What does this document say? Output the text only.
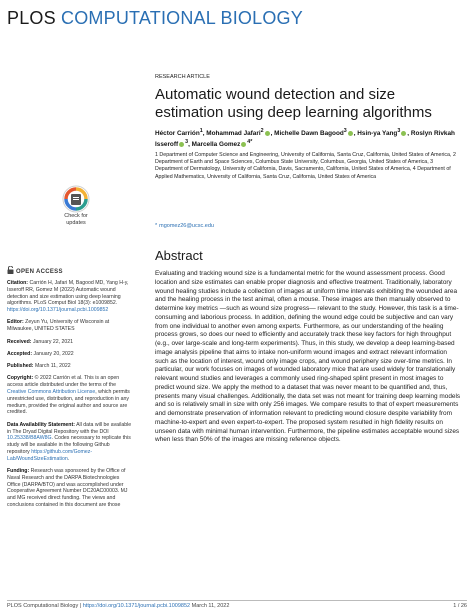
PLOS COMPUTATIONAL BIOLOGY
RESEARCH ARTICLE
Automatic wound detection and size estimation using deep learning algorithms
Héctor Carrión$^1$, Mohammad Jafari$^2$ , Michelle Dawn Bagood$^3$ , Hsin-ya Yang$^3$ , Roslyn Rivkah Isseroff $^3$, Marcella Gomez $^{4*}$
1 Department of Computer Science and Engineering, University of California, Santa Cruz, California, United States of America, 2 Department of Earth and Space Sciences, Columbus State University, Columbus, Georgia, United States of America, 3 Department of Dermatology, University of California, Davis, Sacramento, California, United States of America, 4 Department of Applied Mathematics, University of California, Santa Cruz, California, United States of America
* mgomez26@ucsc.edu
Check for
updates
OPEN ACCESS

Citation: Carrión H, Jafari M, Bagood MD, Yang H-y, Isseroff RR, Gomez M (2022) Automatic wound detection and size estimation using deep learning algorithms. PLoS Comput Biol 18(3): e1009852. https://doi.org/10.1371/journal.pcbi.1009852

Editor: Zeyun Yu, University of Wisconsin at Milwaukee, UNITED STATES

Received: January 22, 2021

Accepted: January 20, 2022

Published: March 11, 2022

Copyright: © 2022 Carrión et al. This is an open access article distributed under the terms of the Creative Commons Attribution License, which permits unrestricted use, distribution, and reproduction in any medium, provided the original author and source are credited.

Data Availability Statement: All data will be available in The Dryad Digital Repository with the DOI 10.25338/B8AW8G. Codes necessary to replicate this study will be available in the following Github repository https://github.com/Gomez-Lab/WoundSizeEstimation.

Funding: Research was sponsored by the Office of Naval Research and the DARPA Biotechnologies Office (DARPA/BTO) and was accomplished under Cooperative Agreement Number DC20AC00003. MJ and MG received direct funding. The views and conclusions contained in this document are those

Abstract
Evaluating and tracking wound size is a fundamental metric for the wound assessment process. Good location and size estimates can enable proper diagnosis and effective treatment. Traditionally, laboratory wound healing studies include a collection of images at uniform time intervals exhibiting the wounded area and the healing process in the test animal, often a mouse. These images are then manually observed to determine key metrics —such as wound size progress— relevant to the study. However, this task is a time-consuming and laborious process. In addition, defining the wound edge could be subjective and can vary from one individual to another even among experts. Furthermore, as our understanding of the healing process grows, so does our need to efficiently and accurately track these key factors for high throughput (e.g., over large-scale and long-term experiments). Thus, in this study, we develop a deep learning-based image analysis pipeline that aims to intake non-uniform wound images and extract relevant information such as the location of interest, wound only image crops, and wound periphery size over-time metrics. In particular, our work focuses on images of wounded laboratory mice that are used widely for translationally relevant wound studies and leverages a commonly used ring-shaped splint present in most images to predict wound size. We apply the method to a dataset that was never meant to be quantified and, thus, presents many visual challenges. Additionally, the data set was not meant for training deep learning models and so is relatively small in size with only 256 images. We compare results to that of expert measurements and demonstrate preservation of information relevant to predicting wound closure despite variability from machine-to-expert and even expert-to-expert. The proposed system resulted in high fidelity results on unseen data with minimal human intervention. Furthermore, the pipeline estimates acceptable wound sizes when less than 50% of the images are missing reference objects.
PLOS Computational Biology | https://doi.org/10.1371/journal.pcbi.1009852 March 11, 2022	1 / 26
